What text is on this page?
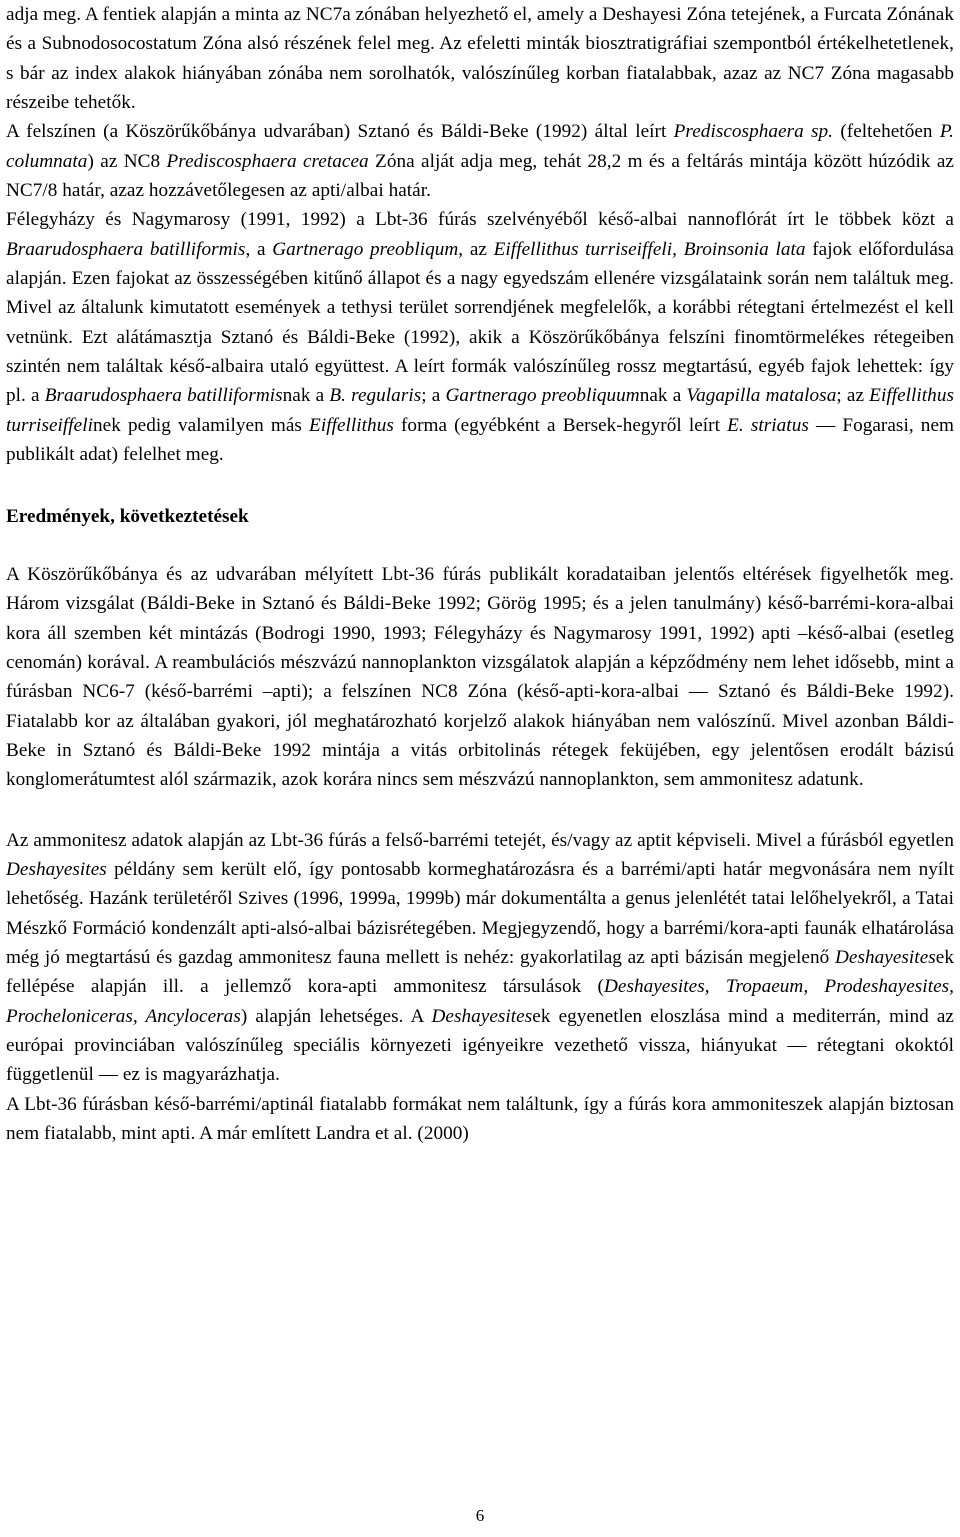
adja meg. A fentiek alapján a minta az NC7a zónában helyezhető el, amely a Deshayesi Zóna tetejének, a Furcata Zónának és a Subnodosocostatum Zóna alsó részének felel meg. Az efeletti minták biosztratigráfiai szempontból értékelhetetlenek, s bár az index alakok hiányában zónába nem sorolhatók, valószínűleg korban fiatalabbak, azaz az NC7 Zóna magasabb részeibe tehetők.

A felszínen (a Köszörűkőbánya udvarában) Sztanó és Báldi-Beke (1992) által leírt Prediscosphaera sp. (feltehetően P. columnata) az NC8 Prediscosphaera cretacea Zóna alját adja meg, tehát 28,2 m és a feltárás mintája között húzódik az NC7/8 határ, azaz hozzávetőlegesen az apti/albai határ.

Félegyházy és Nagymarosy (1991, 1992) a Lbt-36 fúrás szelvényéből késő-albai nannoflórát írt le többek közt a Braarudosphaera batilliformis, a Gartnerago preobliqum, az Eiffellithus turriseiffeli, Broinsonia lata fajok előfordulása alapján. Ezen fajokat az összességében kitűnő állapot és a nagy egyedszám ellenére vizsgálataink során nem találtuk meg. Mivel az általunk kimutatott események a tethysi terület sorrendjének megfelelők, a korábbi rétegtani értelmezést el kell vetnünk. Ezt alátámasztja Sztanó és Báldi-Beke (1992), akik a Köszörűkőbánya felszíni finomtörmelékes rétegeiben szintén nem találtak késő-albaira utaló együttest. A leírt formák valószínűleg rossz megtartású, egyéb fajok lehettek: így pl. a Braarudosphaera batilliformisnak a B. regularis; a Gartnerago preobliquumnak a Vagapilla matalosa; az Eiffellithus turriseiffelinek pedig valamilyen más Eiffellithus forma (egyébként a Bersek-hegyről leírt E. striatus — Fogarasi, nem publikált adat) felelhet meg.

Eredmények, következtetések

A Köszörűkőbánya és az udvarában mélyített Lbt-36 fúrás publikált koradataiban jelentős eltérések figyelhetők meg. Három vizsgálat (Báldi-Beke in Sztanó és Báldi-Beke 1992; Görög 1995; és a jelen tanulmány) késő-barrémi-kora-albai kora áll szemben két mintázás (Bodrogi 1990, 1993; Félegyházy és Nagymarosy 1991, 1992) apti –késő-albai (esetleg cenomán) korával. A reambulációs mészvázú nannoplankton vizsgálatok alapján a képződmény nem lehet idősebb, mint a fúrásban NC6-7 (késő-barrémi –apti); a felszínen NC8 Zóna (késő-apti-kora-albai — Sztanó és Báldi-Beke 1992). Fiatalabb kor az általában gyakori, jól meghatározható korjelző alakok hiányában nem valószínű. Mivel azonban Báldi-Beke in Sztanó és Báldi-Beke 1992 mintája a vitás orbitolinás rétegek feküjében, egy jelentősen erodált bázisú konglomerátumtest alól származik, azok korára nincs sem mészvázú nannoplankton, sem ammonitesz adatunk.

Az ammonitesz adatok alapján az Lbt-36 fúrás a felső-barrémi tetejét, és/vagy az aptit képviseli. Mivel a fúrásból egyetlen Deshayesites példány sem került elő, így pontosabb kormeghatározásra és a barrémi/apti határ megvonására nem nyílt lehetőség. Hazánk területéről Szives (1996, 1999a, 1999b) már dokumentálta a genus jelenlétét tatai lelőhelyekről, a Tatai Mészkő Formáció kondenzált apti-alsó-albai bázisrétegében. Megjegyzendő, hogy a barrémi/kora-apti faunák elhatárolása még jó megtartású és gazdag ammonitesz fauna mellett is nehéz: gyakorlatilag az apti bázisán megjelenő Deshayesitesek fellépése alapján ill. a jellemző kora-apti ammonitesz társulások (Deshayesites, Tropaeum, Prodeshayesites, Procheloniceras, Ancyloceras) alapján lehetséges. A Deshayesitesek egyenetlen eloszlása mind a mediterrán, mind az európai provinciában valószínűleg speciális környezeti igényeikre vezethető vissza, hiányukat — rétegtani okoktól függetlenül — ez is magyarázhatja.

A Lbt-36 fúrásban késő-barrémi/aptinál fiatalabb formákat nem találtunk, így a fúrás kora ammoniteszek alapján biztosan nem fiatalabb, mint apti. A már említett Landra et al. (2000)

6
